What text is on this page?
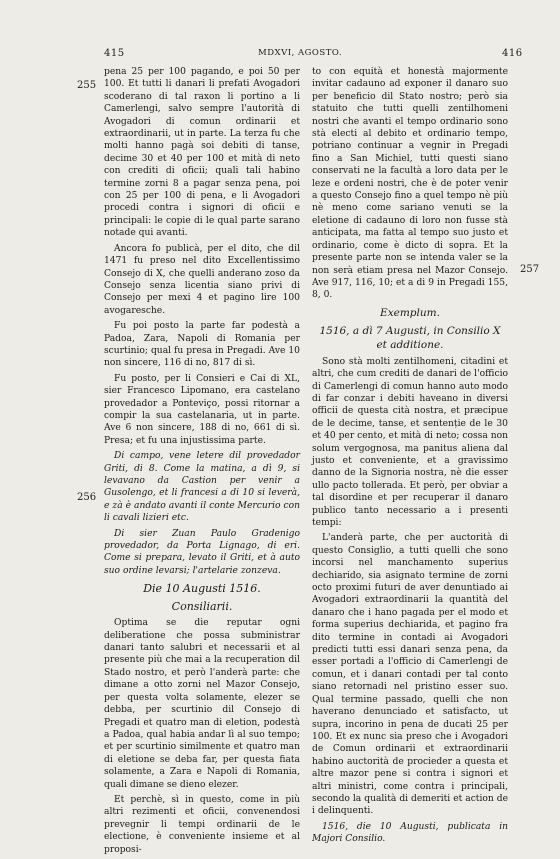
415	MDXVI, AGOSTO.	416
255
256
257

pena 25 per 100 pagando, e poi 50 per 100. Et tutti li danari li prefati Avogadori scoderano di tal raxon li portino a li Camerlengi, salvo sempre l'autorità di Avogadori di comun ordinarii et extraordinarii, ut in parte. La terza fu che molti hanno pagà soi debiti di tanse, decime 30 et 40 per 100 et mità di neto con crediti di oficii; quali tali habino termine zorni 8 a pagar senza pena, poi con 25 per 100 di pena, e li Avogadori procedi contra i signori di oficii e principali: le copie di le qual parte sarano notade qui avanti.

Ancora fo publicà, per el dito, che dil 1471 fu preso nel dito Excellentissimo Consejo di X, che quelli anderano zoso da Consejo senza licentia siano privi di Consejo per mexi 4 et pagino lire 100 avogaresche.

Fu poi posto la parte far podestà a Padoa, Zara, Napoli di Romania per scurtinio; qual fu presa in Pregadi. Ave 10 non sincere, 116 di no, 817 di sì.

Fu posto, per li Consieri e Cai di XL, sier Francesco Lipomano, era castelano provedador a Ponteviço, possi ritornar a compir la sua castelanaria, ut in parte. Ave 6 non sincere, 188 di no, 661 di sì. Presa; et fu una injustissima parte.

Di campo, vene letere dil provedador Griti, di 8. Come la matina, a dì 9, si levavano da Castion per venir a Gusolengo, et li francesi a di 10 si leverà, e zà è andato avanti il conte Mercurio con li cavali lizieri etc.

Di sier Zuan Paulo Gradenigo provedador, da Porta Lignago, di eri. Come si prepara, levato il Griti, et à auto suo ordine levarsi; l'artelarie zonzeva.

Die 10 Augusti 1516.
Consiliarii.

Optima se die reputar ogni deliberatione che possa subministrar danari tanto salubri et necessarii et al presente più che mai a la recuperation dil Stado nostro, et però l'anderà parte: che dimane a otto zorni nel Mazor Consejo, per questa volta solamente, elezer se debba, per scurtinio dil Consejo di Pregadi et quatro man di eletion, podestà a Padoa, qual habia andar lì al suo tempo; et per scurtinio similmente et quatro man di eletione se deba far, per questa fiata solamente, a Zara e Napoli di Romania, quali dimane se dieno elezer.

Et perchè, sì in questo, come in più altri rezimenti et oficii, convenendosi prevegnir li tempi ordinarii de le electione, è conveniente insieme et al proposi-

to con equità et honestà majormente invitar cadauno ad exponer il danaro suo per beneficio dil Stato nostro; però sia statuito che tutti quelli zentilhomeni nostri che avanti el tempo ordinario sono stà electi al debito et ordinario tempo, potriano continuar a vegnir in Pregadi fino a San Michiel, tutti questi siano conservati ne la facultà a loro data per le leze e ordeni nostri, che è de poter venir a questo Consejo fino a quel tempo nè più nè meno come sariano venuti se la eletione di cadauno di loro non fusse stà anticipata, ma fatta al tempo suo justo et ordinario, come è dicto di sopra. Et la presente parte non se intenda valer se la non serà etiam presa nel Mazor Consejo. Ave 917, 116, 10; et a di 9 in Pregadi 155, 8, 0.

Exemplum.
1516, a dì 7 Augusti, in Consilio X
et additione.

Sono stà molti zentilhomeni, citadini et altri, che cum crediti de danari de l'officio di Camerlengi di comun hanno auto modo di far conzar i debiti haveano in diversi officii de questa cità nostra, et præcipue de le decime, tanse, et sentenție de le 30 et 40 per cento, et mità di neto; cossa non solum vergognosa, ma panitus aliena dal justo et conveniente, et a gravissimo danno de la Signoria nostra, nè die esser ullo pacto tollerada. Et però, per obviar a tal disordine et per recuperar il danaro publico tanto necessario a i presenti tempi:

L'anderà parte, che per auctorità di questo Consiglio, a tutti quelli che sono incorsi nel manchamento superius dechiarido, sia asignato termine de zorni octo proximi futuri de aver denuntiado ai Avogadori extraordinarii la quantità del danaro che i hano pagada per el modo et forma superius dechiarida, et pagino fra dito termine in contadi ai Avogadori predicti tutti essi danari senza pena, da esser portadi a l'officio di Camerlengi de comun, et i danari contadi per tal conto siano retornadi nel pristino esser suo. Qual termine passado, quelli che non haverano denunciado et satisfacto, ut supra, incorino in pena de ducati 25 per 100. Et ex nunc sia preso che i Avogadori de Comun ordinarii et extraordinarii habino auctorità de procieder a questa et altre mazor pene si contra i signori et altri ministri, come contra i principali, secondo la qualità di demeriti et action de i delinquenti.

1516, die 10 Augusti, publicata in Majori Consilio.
